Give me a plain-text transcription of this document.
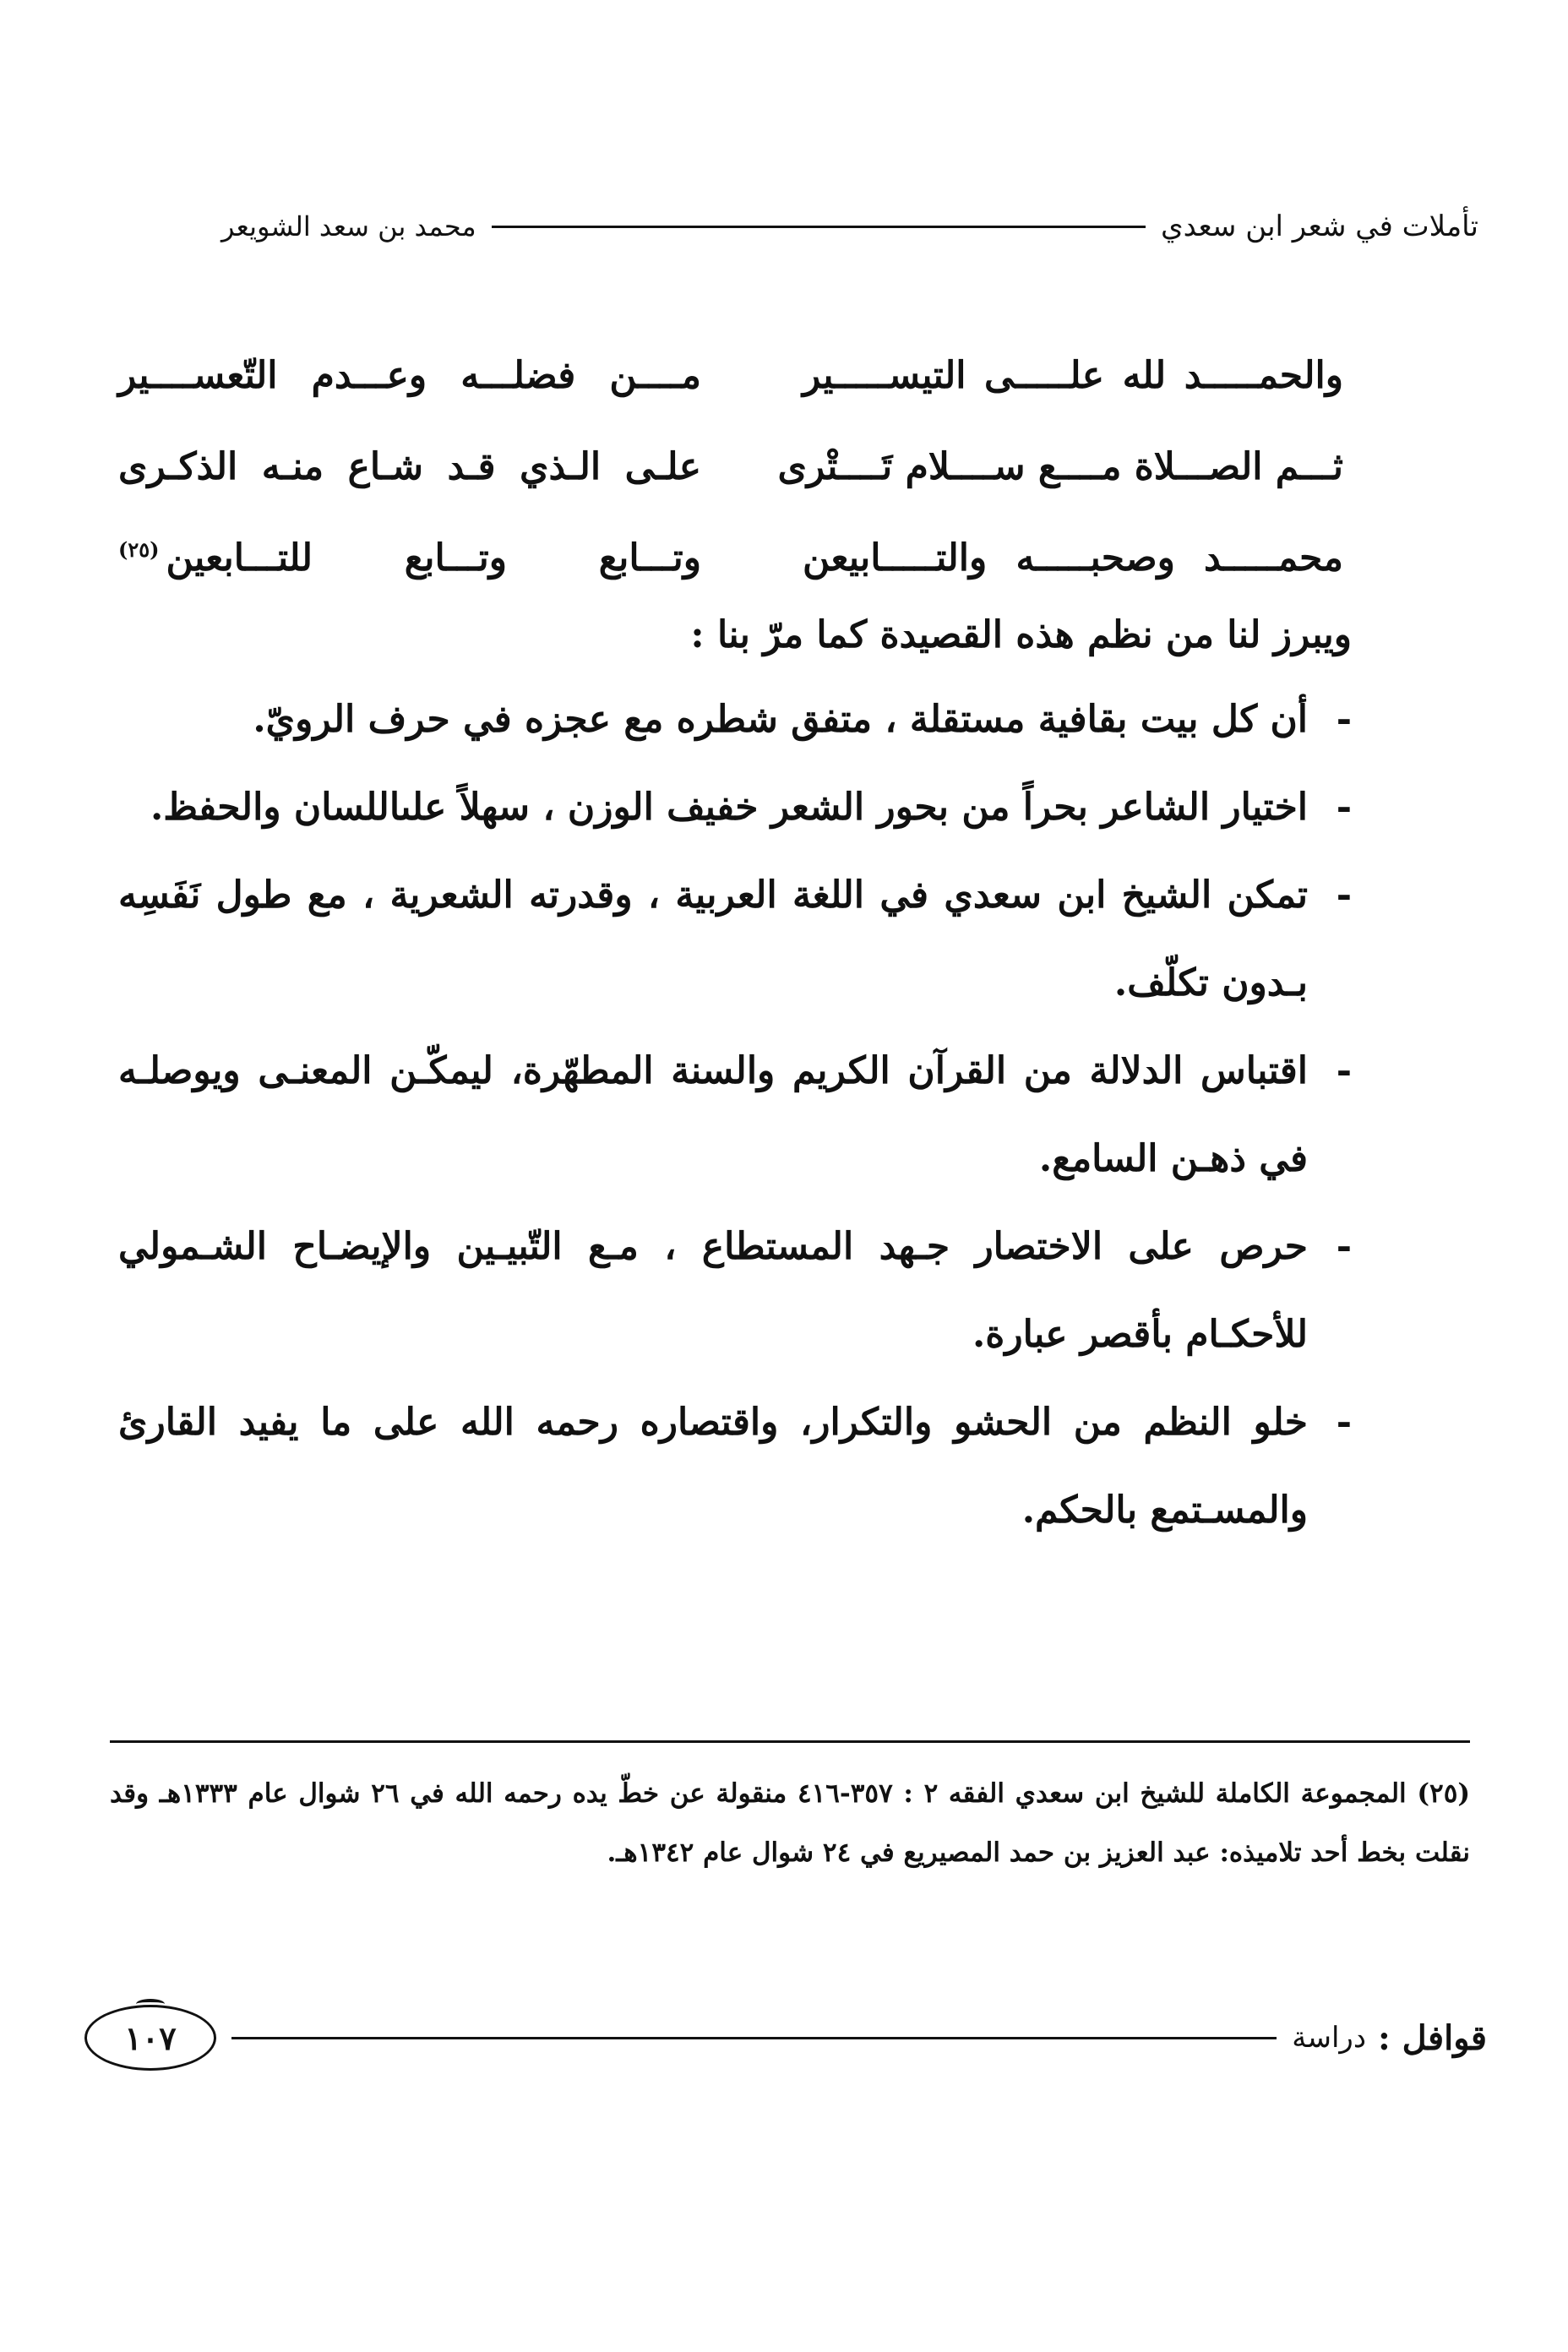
تأملات في شعر ابن سعدي
محمد بن سعد الشويعر
والحمـــــد لله علـــــى التيســـــير
مــــن فضلـــه وعـــدم التّعســــير
ثـــم الصـــلاة مــــع ســــلام تَــــتْرى
علـى الـذي قـد شـاع منـه الذكـرى
محمـــــد وصحبـــــه والتـــــابيعن
وتـــابع وتـــابع للتـــابعين$^{(٢٥)}$
ويبرز لنا من نظم هذه القصيدة كما مرّ بنا :
-
أن كل بيت بقافية مستقلة ، متفق شطره مع عجزه في حرف الرويّ.
-
اختيار الشاعر بحراً من بحور الشعر خفيف الوزن ، سهلاً علىاللسان والحفظ.
-
تمكن الشيخ ابن سعدي في اللغة العربية ، وقدرته الشعرية ، مع طول نَفَسِه بـدون تكلّف.
-
اقتباس الدلالة من القرآن الكريم والسنة المطهّرة، ليمكّـن المعنـى ويوصلـه في ذهـن السامع.
-
حرص على الاختصار جـهد المستطاع ، مـع التّبيـين والإيضـاح الشـمولي للأحكـام بأقصر عبارة.
-
خلو النظم من الحشو والتكرار، واقتصاره رحمه الله على ما يفيد القارئ والمسـتمع بالحكم.
(٢٥) المجموعة الكاملة للشيخ ابن سعدي الفقه ٢ : ٣٥٧-٤١٦ منقولة عن خطّ يده رحمه الله في ٢٦ شوال عام ١٣٣٣هـ وقد نقلت بخط أحد تلاميذه: عبد العزيز بن حمد المصيريع في ٢٤ شوال عام ١٣٤٢هـ.
قوافل :
دراسة
١٠٧
